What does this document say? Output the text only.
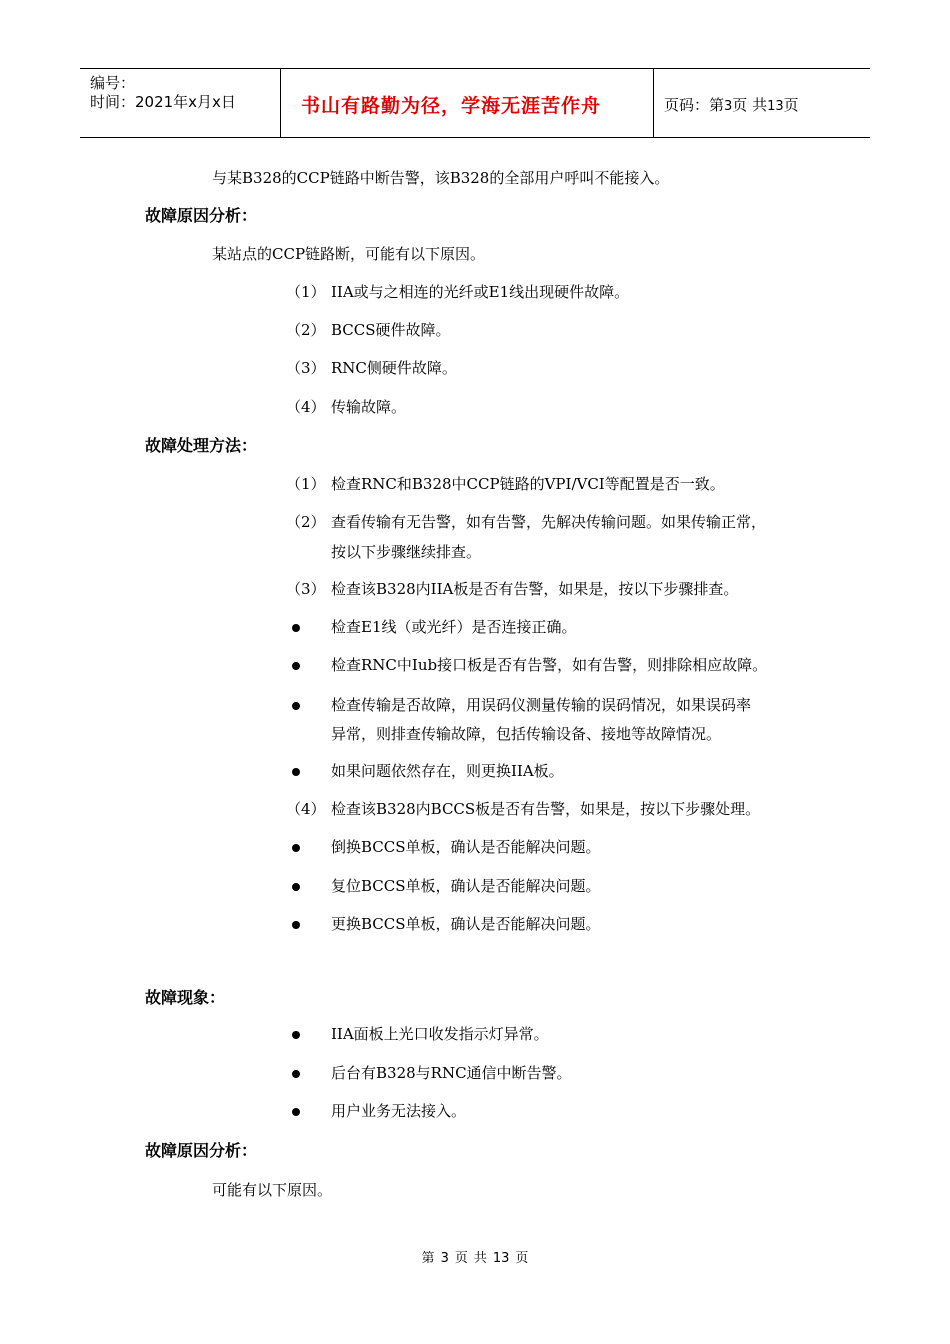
编号：
时间：2021年x月x日	书山有路勤为径，学海无涯苦作舟	页码：第3页 共13页
与某B328的CCP链路中断告警，该B328的全部用户呼叫不能接入。
故障原因分析：
某站点的CCP链路断，可能有以下原因。
（1） IIA或与之相连的光纤或E1线出现硬件故障。
（2） BCCS硬件故障。
（3） RNC侧硬件故障。
（4） 传输故障。
故障处理方法：
（1） 检查RNC和B328中CCP链路的VPI/VCI等配置是否一致。
（2） 查看传输有无告警，如有告警，先解决传输问题。如果传输正常，
按以下步骤继续排查。
（3） 检查该B328内IIA板是否有告警，如果是，按以下步骤排查。
检查E1线（或光纤）是否连接正确。
检查RNC中Iub接口板是否有告警，如有告警，则排除相应故障。
检查传输是否故障，用误码仪测量传输的误码情况，如果误码率
异常，则排查传输故障，包括传输设备、接地等故障情况。
如果问题依然存在，则更换IIA板。
（4） 检查该B328内BCCS板是否有告警，如果是，按以下步骤处理。
倒换BCCS单板，确认是否能解决问题。
复位BCCS单板，确认是否能解决问题。
更换BCCS单板，确认是否能解决问题。
故障现象：
IIA面板上光口收发指示灯异常。
后台有B328与RNC通信中断告警。
用户业务无法接入。
故障原因分析：
可能有以下原因。
第 3 页 共 13 页
